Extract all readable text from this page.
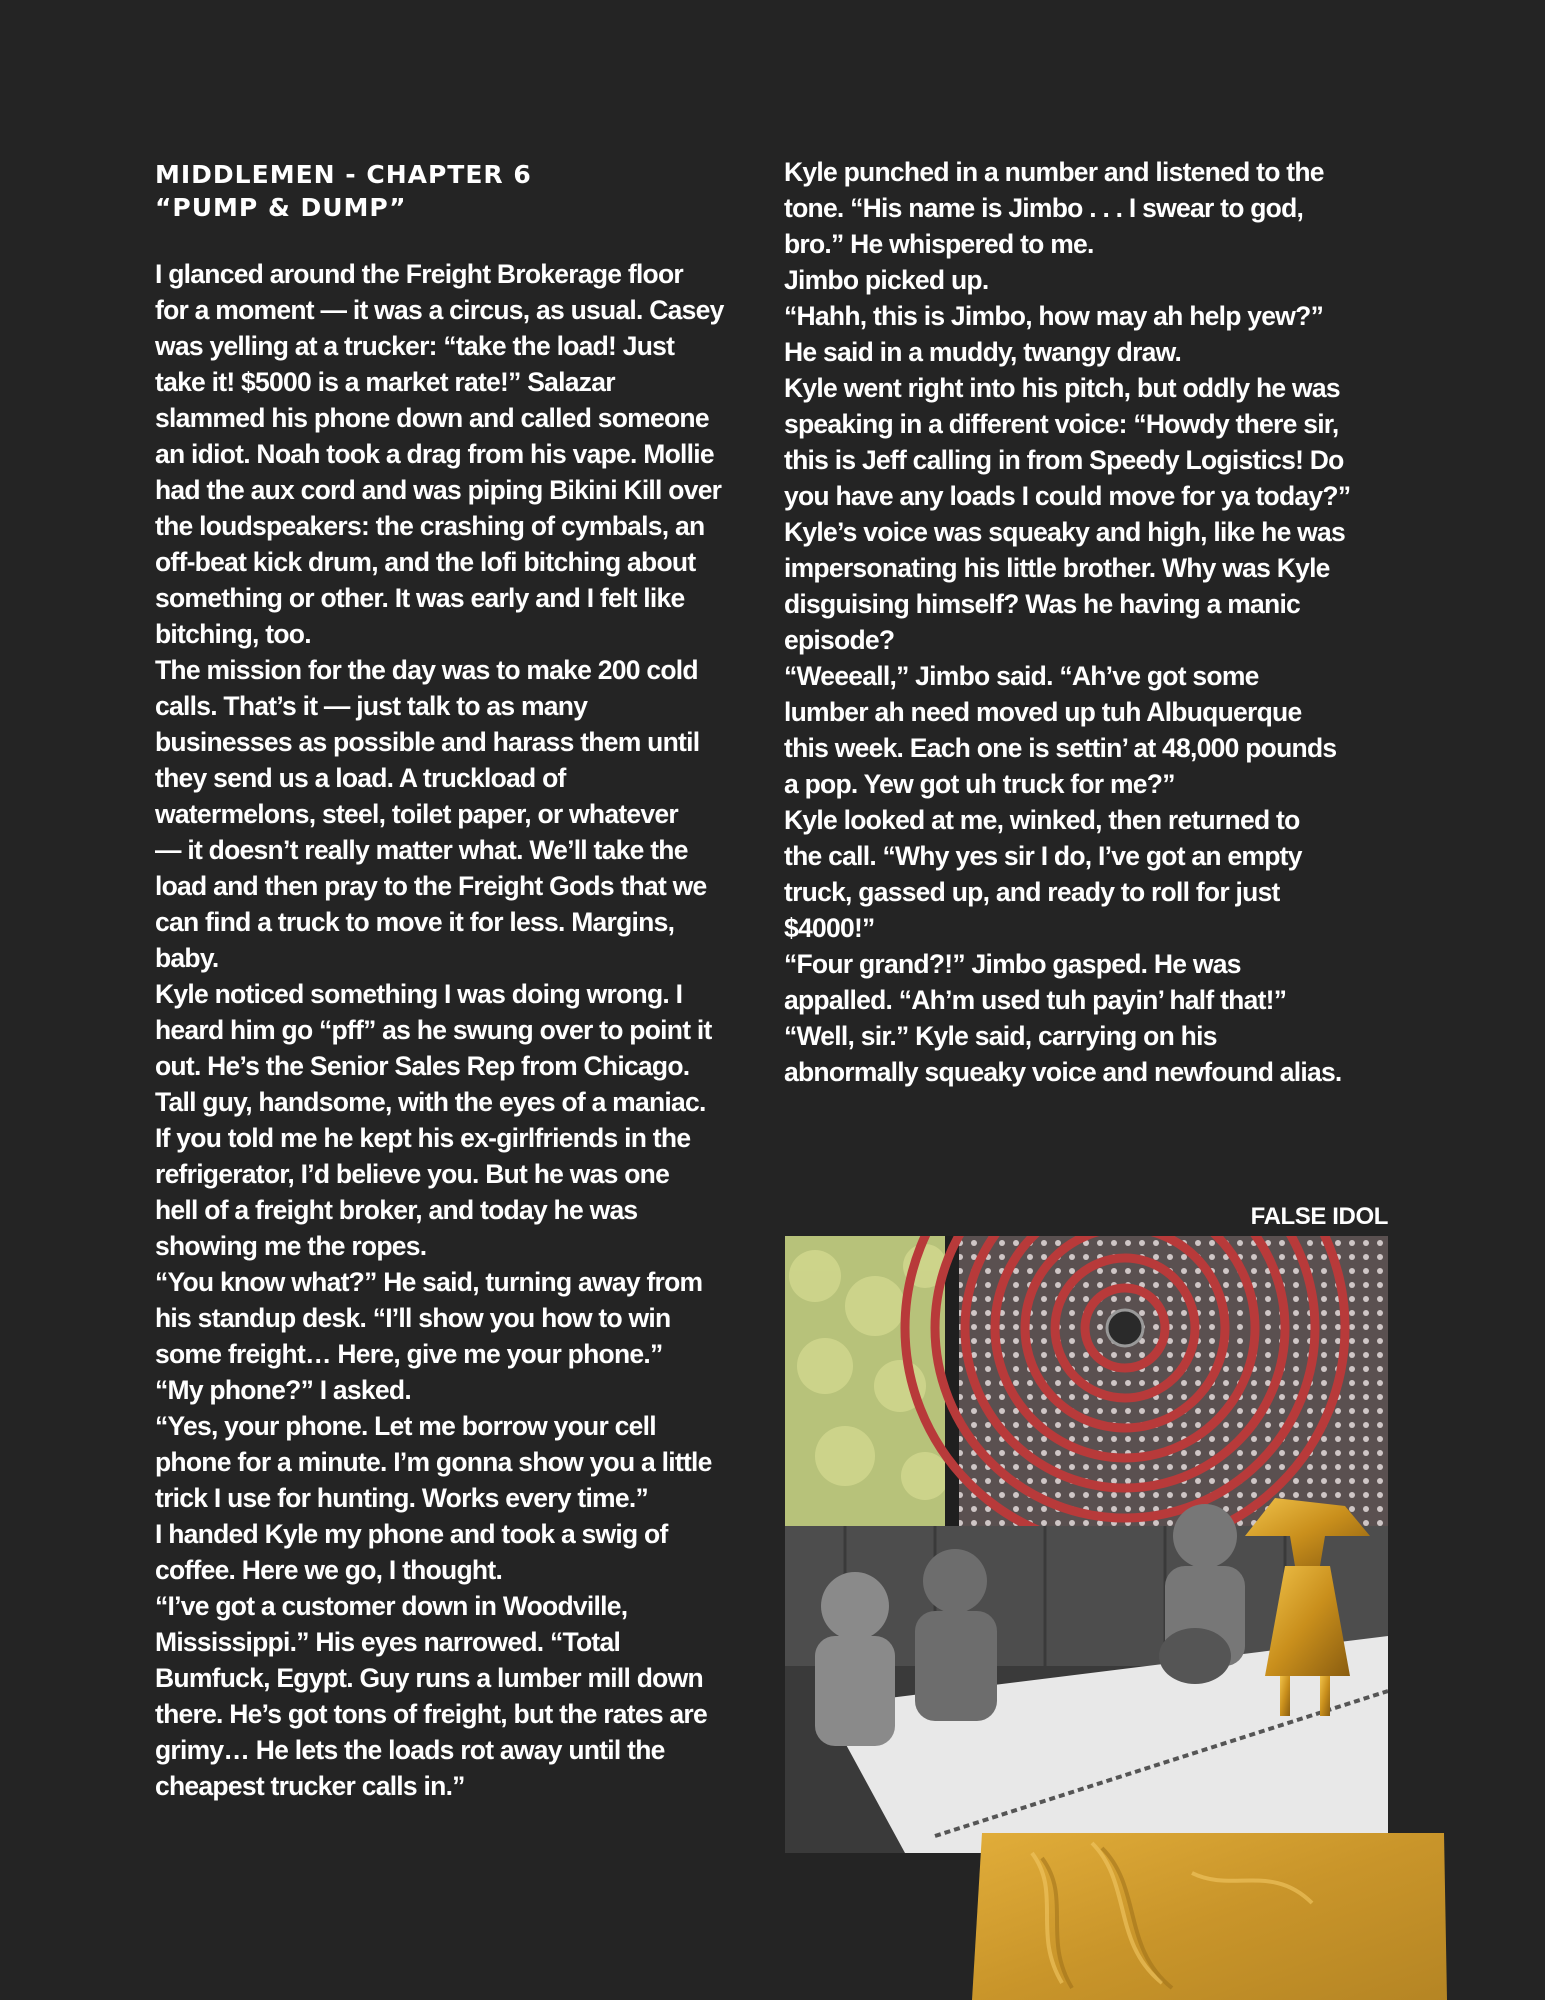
MIDDLEMEN - CHAPTER 6
“PUMP & DUMP”

I glanced around the Freight Brokerage floor
for a moment — it was a circus, as usual. Casey
was yelling at a trucker: “take the load! Just
take it! $5000 is a market rate!” Salazar
slammed his phone down and called someone
an idiot. Noah took a drag from his vape. Mollie
had the aux cord and was piping Bikini Kill over
the loudspeakers: the crashing of cymbals, an
off-beat kick drum, and the lofi bitching about
something or other. It was early and I felt like
bitching, too.
The mission for the day was to make 200 cold
calls. That’s it — just talk to as many
businesses as possible and harass them until
they send us a load. A truckload of
watermelons, steel, toilet paper, or whatever
— it doesn’t really matter what. We’ll take the
load and then pray to the Freight Gods that we
can find a truck to move it for less. Margins,
baby.
Kyle noticed something I was doing wrong. I
heard him go “pff” as he swung over to point it
out. He’s the Senior Sales Rep from Chicago.
Tall guy, handsome, with the eyes of a maniac.
If you told me he kept his ex-girlfriends in the
refrigerator, I’d believe you. But he was one
hell of a freight broker, and today he was
showing me the ropes.
“You know what?” He said, turning away from
his standup desk. “I’ll show you how to win
some freight… Here, give me your phone.”
“My phone?” I asked.
“Yes, your phone. Let me borrow your cell
phone for a minute. I’m gonna show you a little
trick I use for hunting. Works every time.”
I handed Kyle my phone and took a swig of
coffee. Here we go, I thought.
“I’ve got a customer down in Woodville,
Mississippi.” His eyes narrowed. “Total
Bumfuck, Egypt. Guy runs a lumber mill down
there. He’s got tons of freight, but the rates are
grimy… He lets the loads rot away until the
cheapest trucker calls in.”

Kyle punched in a number and listened to the
tone. “His name is Jimbo . . . I swear to god,
bro.” He whispered to me.
Jimbo picked up.
“Hahh, this is Jimbo, how may ah help yew?”
He said in a muddy, twangy draw.
Kyle went right into his pitch, but oddly he was
speaking in a different voice: “Howdy there sir,
this is Jeff calling in from Speedy Logistics! Do
you have any loads I could move for ya today?”
Kyle’s voice was squeaky and high, like he was
impersonating his little brother. Why was Kyle
disguising himself? Was he having a manic
episode?
“Weeeall,” Jimbo said. “Ah’ve got some
lumber ah need moved up tuh Albuquerque
this week. Each one is settin’ at 48,000 pounds
a pop. Yew got uh truck for me?”
Kyle looked at me, winked, then returned to
the call. “Why yes sir I do, I’ve got an empty
truck, gassed up, and ready to roll for just
$4000!”
“Four grand?!” Jimbo gasped. He was
appalled. “Ah’m used tuh payin’ half that!”
“Well, sir.” Kyle said, carrying on his
abnormally squeaky voice and newfound alias.

FALSE IDOL
